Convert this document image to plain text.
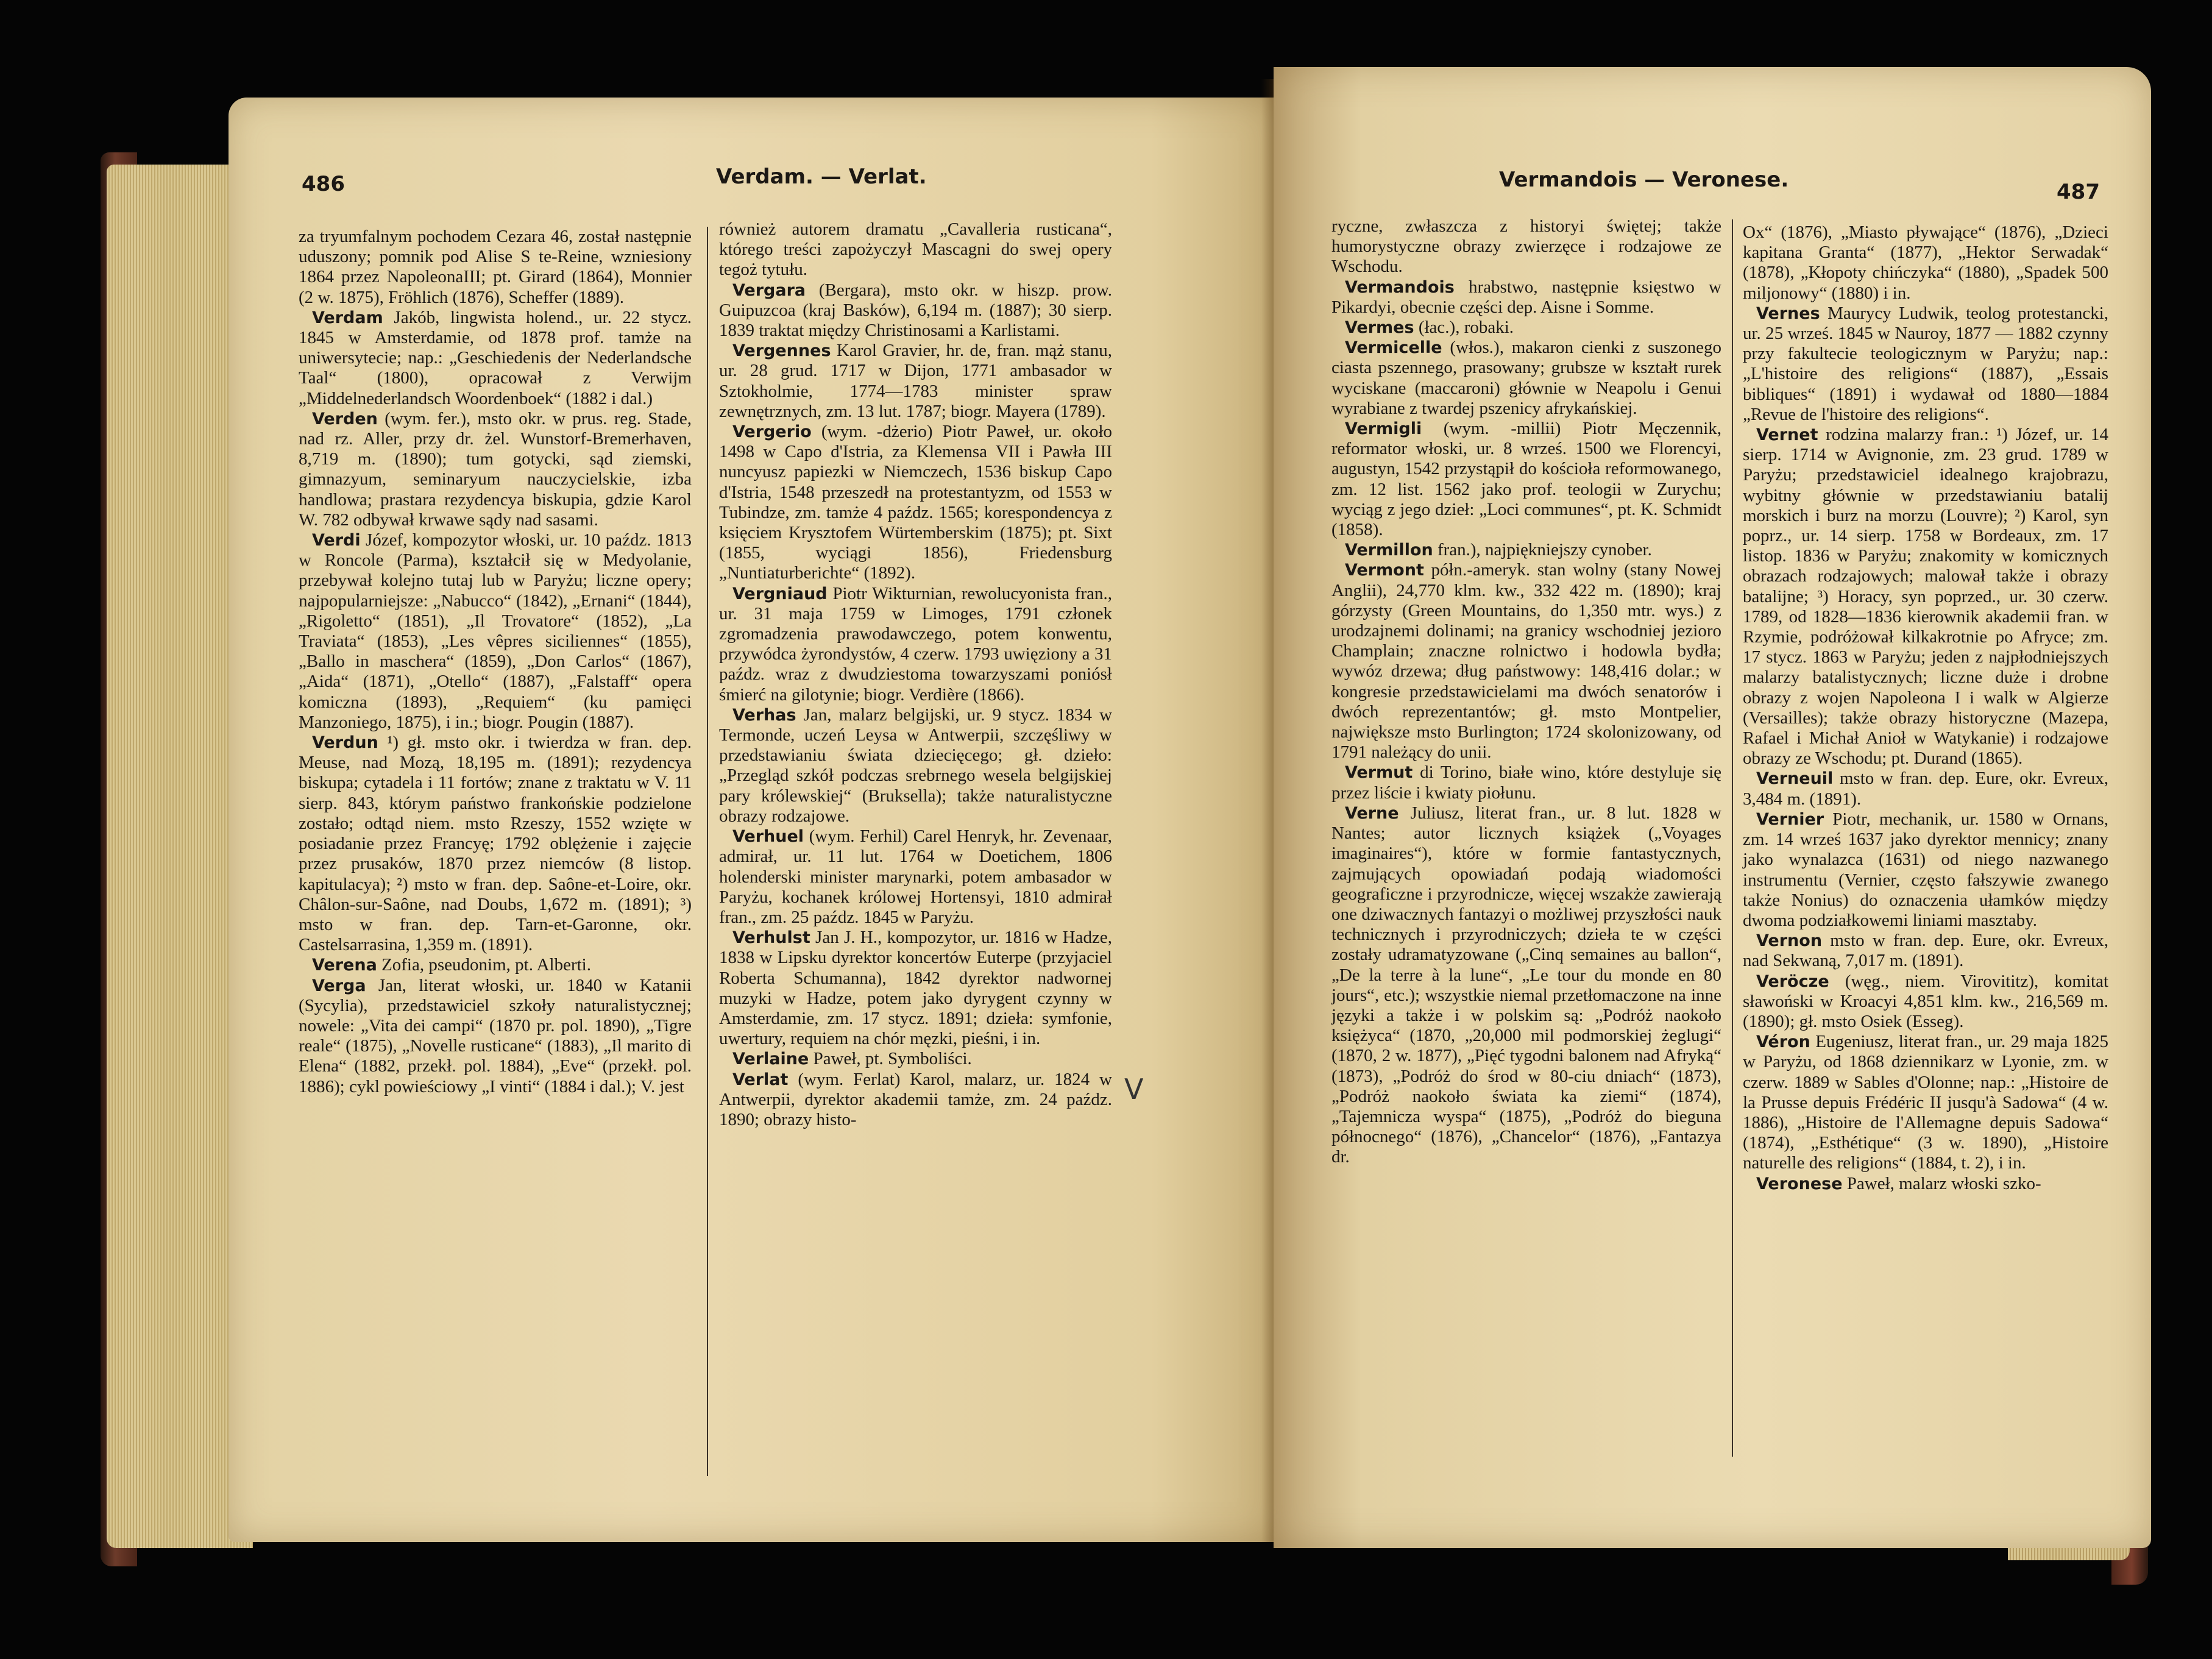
486	Verdam. — Verlat.

za tryumfalnym pochodem Cezara 46, został następnie uduszony; pomnik pod Alise S te-Reine, wzniesiony 1864 przez NapoleonaIII; pt. Girard (1864), Monnier (2 w. 1875), Fröhlich (1876), Scheffer (1889).

Verdam Jakób, lingwista holend., ur. 22 stycz. 1845 w Amsterdamie, od 1878 prof. tamże na uniwersytecie; nap.: „Geschiedenis der Nederlandsche Taal“ (1800), opracował z Verwijm „Middelnederlandsch Woordenboek“ (1882 i dal.)

Verden (wym. fer.), msto okr. w prus. reg. Stade, nad rz. Aller, przy dr. żel. Wunstorf-Bremerhaven, 8,719 m. (1890); tum gotycki, sąd ziemski, gimnazyum, seminaryum nauczycielskie, izba handlowa; prastara rezydencya biskupia, gdzie Karol W. 782 odbywał krwawe sądy nad sasami.

Verdi Józef, kompozytor włoski, ur. 10 paźdz. 1813 w Roncole (Parma), kształcił się w Medyolanie, przebywał kolejno tutaj lub w Paryżu; liczne opery; najpopularniejsze: „Nabucco“ (1842), „Ernani“ (1844), „Rigoletto“ (1851), „Il Trovatore“ (1852), „La Traviata“ (1853), „Les vêpres siciliennes“ (1855), „Ballo in maschera“ (1859), „Don Carlos“ (1867), „Aida“ (1871), „Otello“ (1887), „Falstaff“ opera komiczna (1893), „Requiem“ (ku pamięci Manzoniego, 1875), i in.; biogr. Pougin (1887).

Verdun ¹) gł. msto okr. i twierdza w fran. dep. Meuse, nad Mozą, 18,195 m. (1891); rezydencya biskupa; cytadela i 11 fortów; znane z traktatu w V. 11 sierp. 843, którym państwo frankońskie podzielone zostało; odtąd niem. msto Rzeszy, 1552 wzięte w posiadanie przez Francyę; 1792 oblężenie i zajęcie przez prusaków, 1870 przez niemców (8 listop. kapitulacya); ²) msto w fran. dep. Saône-et-Loire, okr. Châlon-sur-Saône, nad Doubs, 1,672 m. (1891); ³) msto w fran. dep. Tarn-et-Garonne, okr. Castelsarrasina, 1,359 m. (1891).

Verena Zofia, pseudonim, pt. Alberti.

Verga Jan, literat włoski, ur. 1840 w Katanii (Sycylia), przedstawiciel szkoły naturalistycznej; nowele: „Vita dei campi“ (1870 pr. pol. 1890), „Tigre reale“ (1875), „Novelle rusticane“ (1883), „Il marito di Elena“ (1882, przekł. pol. 1884), „Eve“ (przekł. pol. 1886); cykl powieściowy „I vinti“ (1884 i dal.); V. jest

również autorem dramatu „Cavalleria rusticana“, którego treści zapożyczył Mascagni do swej opery tegoż tytułu.

Vergara (Bergara), msto okr. w hiszp. prow. Guipuzcoa (kraj Basków), 6,194 m. (1887); 30 sierp. 1839 traktat między Christinosami a Karlistami.

Vergennes Karol Gravier, hr. de, fran. mąż stanu, ur. 28 grud. 1717 w Dijon, 1771 ambasador w Sztokholmie, 1774—1783 minister spraw zewnętrznych, zm. 13 lut. 1787; biogr. Mayera (1789).

Vergerio (wym. -dżerio) Piotr Paweł, ur. około 1498 w Capo d'Istria, za Klemensa VII i Pawła III nuncyusz papiezki w Niemczech, 1536 biskup Capo d'Istria, 1548 przeszedł na protestantyzm, od 1553 w Tubindze, zm. tamże 4 paźdz. 1565; korespondencya z księciem Krysztofem Würtemberskim (1875); pt. Sixt (1855, wyciągi 1856), Friedensburg „Nuntiaturberichte“ (1892).

Vergniaud Piotr Wikturnian, rewolucyonista fran., ur. 31 maja 1759 w Limoges, 1791 członek zgromadzenia prawodawczego, potem konwentu, przywódca żyrondystów, 4 czerw. 1793 uwięziony a 31 paźdz. wraz z dwudziestoma towarzyszami poniósł śmierć na gilotynie; biogr. Verdière (1866).

Verhas Jan, malarz belgijski, ur. 9 stycz. 1834 w Termonde, uczeń Leysa w Antwerpii, szczęśliwy w przedstawianiu świata dziecięcego; gł. dzieło: „Przegląd szkół podczas srebrnego wesela belgijskiej pary królewskiej“ (Bruksella); także naturalistyczne obrazy rodzajowe.

Verhuel (wym. Ferhil) Carel Henryk, hr. Zevenaar, admirał, ur. 11 lut. 1764 w Doetichem, 1806 holenderski minister marynarki, potem ambasador w Paryżu, kochanek królowej Hortensyi, 1810 admirał fran., zm. 25 paźdz. 1845 w Paryżu.

Verhulst Jan J. H., kompozytor, ur. 1816 w Hadze, 1838 w Lipsku dyrektor koncertów Euterpe (przyjaciel Roberta Schumanna), 1842 dyrektor nadwornej muzyki w Hadze, potem jako dyrygent czynny w Amsterdamie, zm. 17 stycz. 1891; dzieła: symfonie, uwertury, requiem na chór męzki, pieśni, i in.

Verlaine Paweł, pt. Symboliści.

Verlat (wym. Ferlat) Karol, malarz, ur. 1824 w Antwerpii, dyrektor akademii tamże, zm. 24 paźdz. 1890; obrazy histo-

V
Vermandois — Veronese.	487

ryczne, zwłaszcza z historyi świętej; także humorystyczne obrazy zwierzęce i rodzajowe ze Wschodu.

Vermandois hrabstwo, następnie księstwo w Pikardyi, obecnie części dep. Aisne i Somme.

Vermes (łac.), robaki.

Vermicelle (włos.), makaron cienki z suszonego ciasta pszennego, prasowany; grubsze w kształt rurek wyciskane (maccaroni) głównie w Neapolu i Genui wyrabiane z twardej pszenicy afrykańskiej.

Vermigli (wym. -millii) Piotr Męczennik, reformator włoski, ur. 8 wrześ. 1500 we Florencyi, augustyn, 1542 przystąpił do kościoła reformowanego, zm. 12 list. 1562 jako prof. teologii w Zurychu; wyciąg z jego dzieł: „Loci communes“, pt. K. Schmidt (1858).

Vermillon fran.), najpiękniejszy cynober.

Vermont półn.-ameryk. stan wolny (stany Nowej Anglii), 24,770 klm. kw., 332 422 m. (1890); kraj górzysty (Green Mountains, do 1,350 mtr. wys.) z urodzajnemi dolinami; na granicy wschodniej jezioro Champlain; znaczne rolnictwo i hodowla bydła; wywóz drzewa; dług państwowy: 148,416 dolar.; w kongresie przedstawicielami ma dwóch senatorów i dwóch reprezentantów; gł. msto Montpelier, największe msto Burlington; 1724 skolonizowany, od 1791 należący do unii.

Vermut di Torino, białe wino, które destyluje się przez liście i kwiaty piołunu.

Verne Juliusz, literat fran., ur. 8 lut. 1828 w Nantes; autor licznych książek („Voyages imaginaires“), które w formie fantastycznych, zajmujących opowiadań podają wiadomości geograficzne i przyrodnicze, więcej wszakże zawierają one dziwacznych fantazyi o możliwej przyszłości nauk technicznych i przyrodniczych; dzieła te w części zostały udramatyzowane („Cinq semaines au ballon“, „De la terre à la lune“, „Le tour du monde en 80 jours“, etc.); wszystkie niemal przetłomaczone na inne języki a także i w polskim są: „Podróż naokoło księżyca“ (1870, „20,000 mil podmorskiej żeglugi“ (1870, 2 w. 1877), „Pięć tygodni balonem nad Afryką“ (1873), „Podróż do środ w 80-ciu dniach“ (1873), „Podróż naokoło świata ka ziemi“ (1874), „Tajemnicza wyspa“ (1875), „Podróż do bieguna północnego“ (1876), „Chancelor“ (1876), „Fantazya dr.

Ox“ (1876), „Miasto pływające“ (1876), „Dzieci kapitana Granta“ (1877), „Hektor Serwadak“ (1878), „Kłopoty chińczyka“ (1880), „Spadek 500 miljonowy“ (1880) i in.

Vernes Maurycy Ludwik, teolog protestancki, ur. 25 wrześ. 1845 w Nauroy, 1877 — 1882 czynny przy fakultecie teologicznym w Paryżu; nap.: „L'histoire des religions“ (1887), „Essais bibliques“ (1891) i wydawał od 1880—1884 „Revue de l'histoire des religions“.

Vernet rodzina malarzy fran.: ¹) Józef, ur. 14 sierp. 1714 w Avignonie, zm. 23 grud. 1789 w Paryżu; przedstawiciel idealnego krajobrazu, wybitny głównie w przedstawianiu batalij morskich i burz na morzu (Louvre); ²) Karol, syn poprz., ur. 14 sierp. 1758 w Bordeaux, zm. 17 listop. 1836 w Paryżu; znakomity w komicznych obrazach rodzajowych; malował także i obrazy batalijne; ³) Horacy, syn poprzed., ur. 30 czerw. 1789, od 1828—1836 kierownik akademii fran. w Rzymie, podróżował kilkakrotnie po Afryce; zm. 17 stycz. 1863 w Paryżu; jeden z najpłodniejszych malarzy batalistycznych; liczne duże i drobne obrazy z wojen Napoleona I i walk w Algierze (Versailles); także obrazy historyczne (Mazepa, Rafael i Michał Anioł w Watykanie) i rodzajowe obrazy ze Wschodu; pt. Durand (1865).

Verneuil msto w fran. dep. Eure, okr. Evreux, 3,484 m. (1891).

Vernier Piotr, mechanik, ur. 1580 w Ornans, zm. 14 wrześ 1637 jako dyrektor mennicy; znany jako wynalazca (1631) od niego nazwanego instrumentu (Vernier, często fałszywie zwanego także Nonius) do oznaczenia ułamków między dwoma podziałkowemi liniami masztaby.

Vernon msto w fran. dep. Eure, okr. Evreux, nad Sekwaną, 7,017 m. (1891).

Veröcze (węg., niem. Virovititz), komitat sławoński w Kroacyi 4,851 klm. kw., 216,569 m. (1890); gł. msto Osiek (Esseg).

Véron Eugeniusz, literat fran., ur. 29 maja 1825 w Paryżu, od 1868 dziennikarz w Lyonie, zm. w czerw. 1889 w Sables d'Olonne; nap.: „Histoire de la Prusse depuis Frédéric II jusqu'à Sadowa“ (4 w. 1886), „Histoire de l'Allemagne depuis Sadowa“ (1874), „Esthétique“ (3 w. 1890), „Histoire naturelle des religions“ (1884, t. 2), i in.

Veronese Paweł, malarz włoski szko-
